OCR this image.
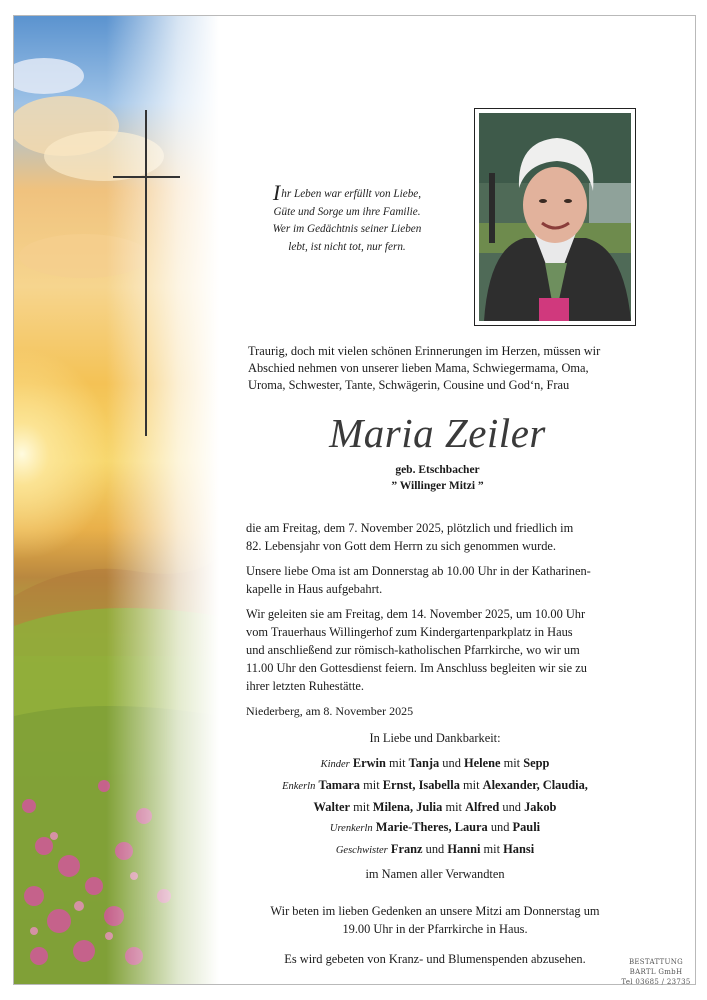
Ihr Leben war erfüllt von Liebe,
Güte und Sorge um ihre Familie.
Wer im Gedächtnis seiner Lieben
lebt, ist nicht tot, nur fern.
Traurig, doch mit vielen schönen Erinnerungen im Herzen, müssen wir
Abschied nehmen von unserer lieben Mama, Schwiegermama, Oma,
Uroma, Schwester, Tante, Schwägerin, Cousine und God‘n, Frau
Maria Zeiler
geb. Etschbacher
” Willinger Mitzi ”
die am Freitag, dem 7. November 2025, plötzlich und friedlich im
82. Lebensjahr von Gott dem Herrn zu sich genommen wurde.
Unsere liebe Oma ist am Donnerstag ab 10.00 Uhr in der Katharinen-
kapelle in Haus aufgebahrt.
Wir geleiten sie am Freitag, dem 14. November 2025, um 10.00 Uhr
vom Trauerhaus Willingerhof zum Kindergartenparkplatz in Haus
und anschließend zur römisch-katholischen Pfarrkirche, wo wir um
11.00 Uhr den Gottesdienst feiern. Im Anschluss begleiten wir sie zu
ihrer letzten Ruhestätte.
Niederberg, am 8. November 2025
In Liebe und Dankbarkeit:
Kinder Erwin mit Tanja und Helene mit Sepp
Enkerln Tamara mit Ernst, Isabella mit Alexander, Claudia,
Walter mit Milena, Julia mit Alfred und Jakob
Urenkerln Marie-Theres, Laura und Pauli
Geschwister Franz und Hanni mit Hansi
im Namen aller Verwandten
Wir beten im lieben Gedenken an unsere Mitzi am Donnerstag um
19.00 Uhr in der Pfarrkirche in Haus.
Es wird gebeten von Kranz- und Blumenspenden abzusehen.	BESTATTUNG
BARTL GmbH
Tel 03685 / 23735
